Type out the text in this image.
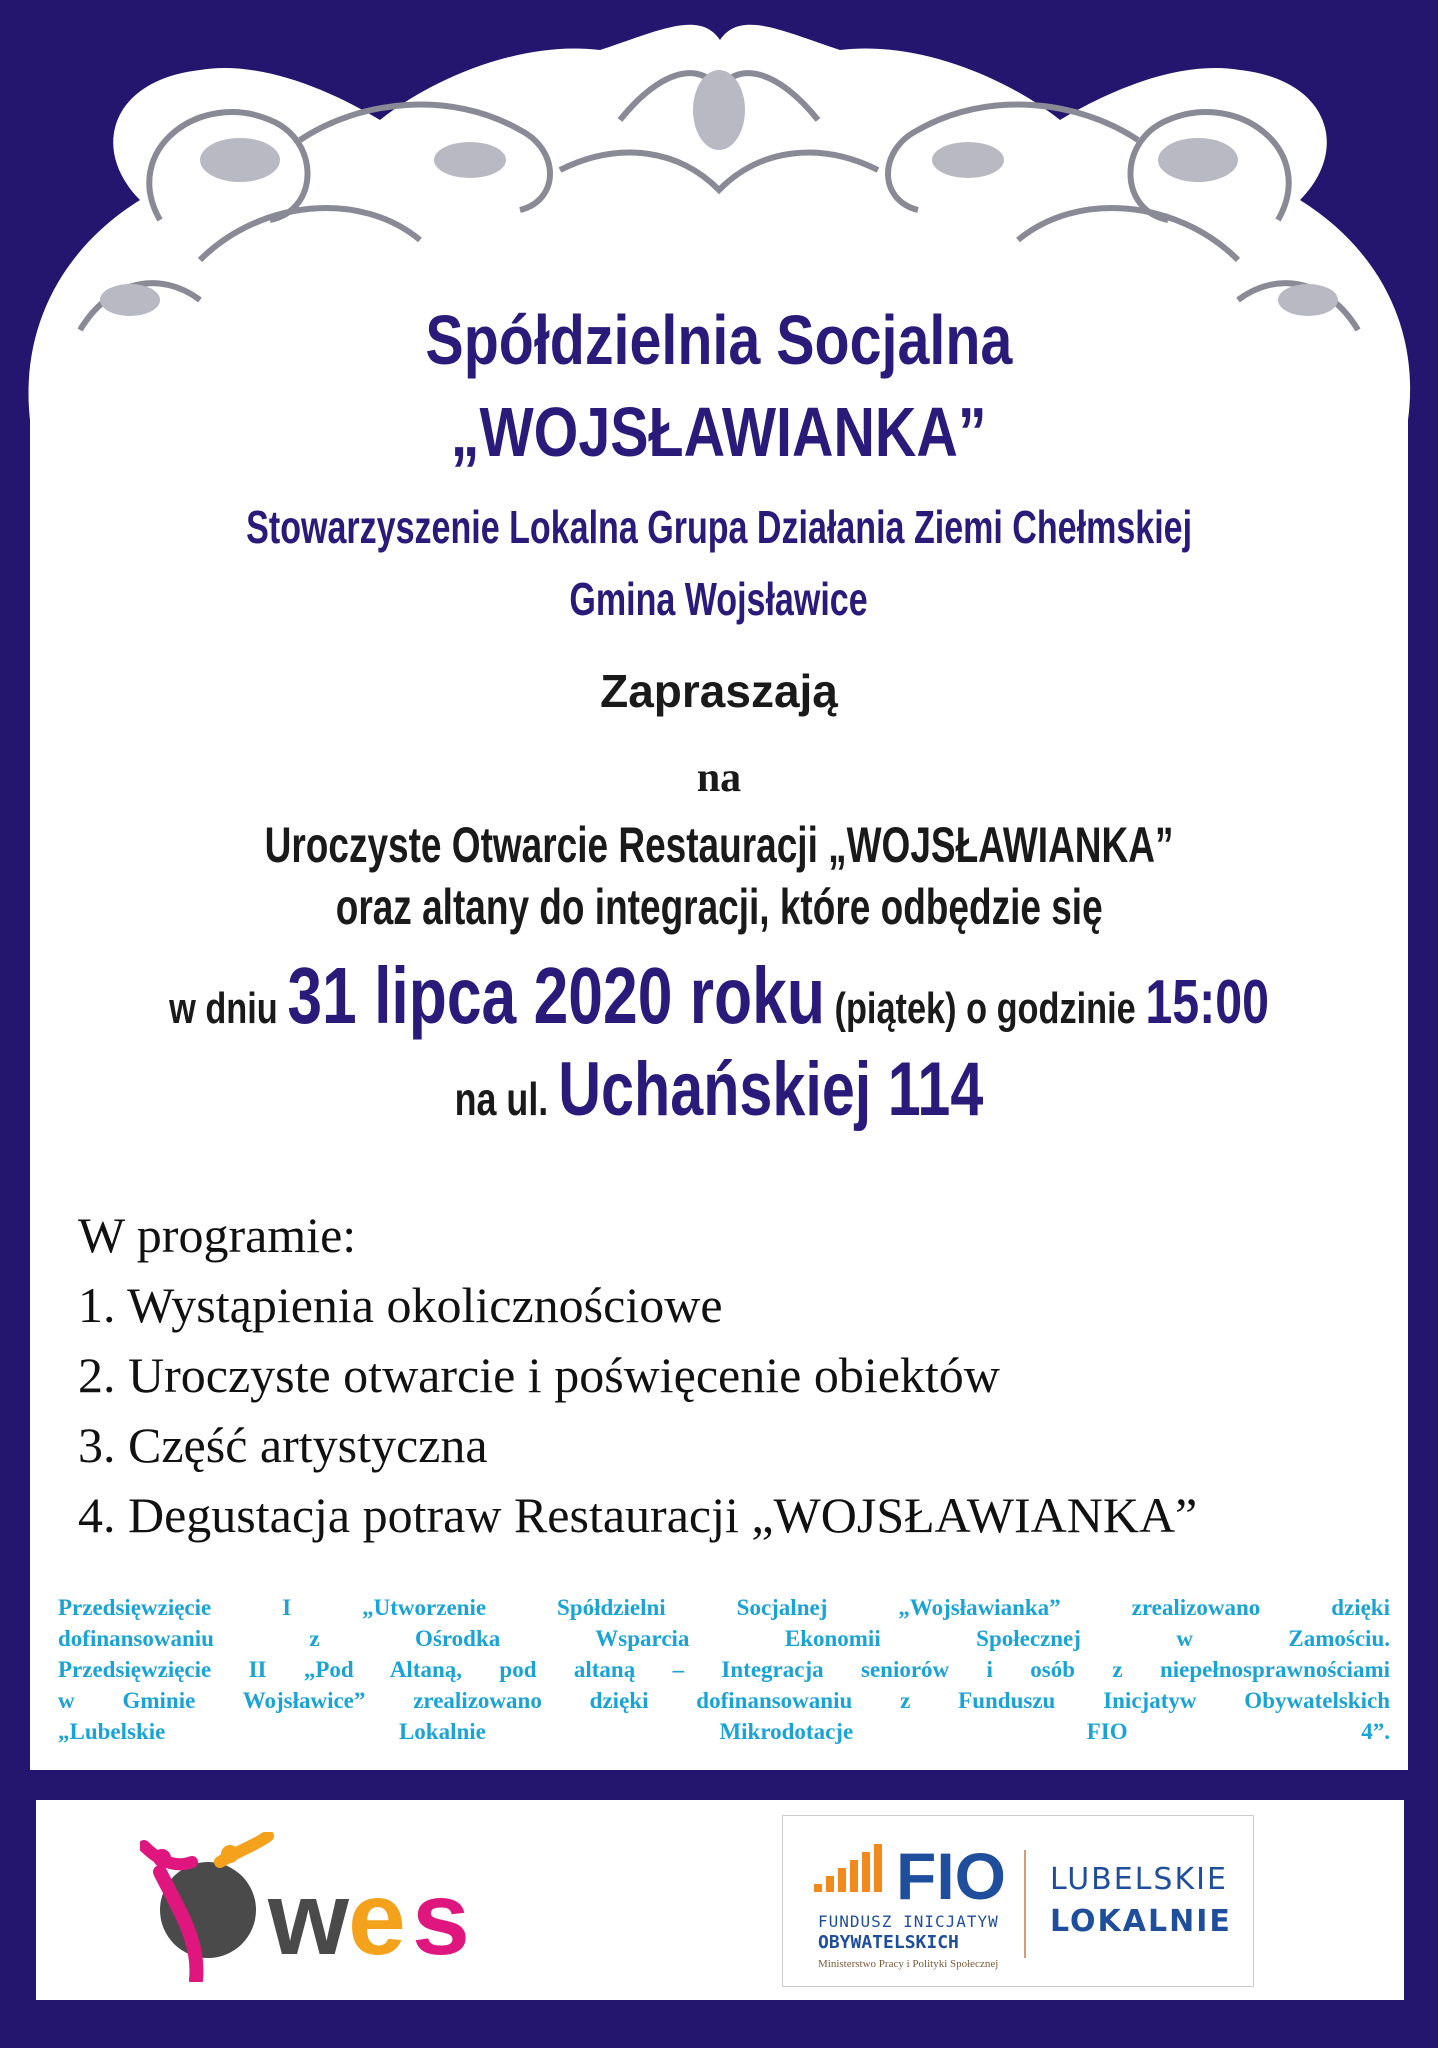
Spółdzielnia Socjalna
„WOJSŁAWIANKA”
Stowarzyszenie Lokalna Grupa Działania Ziemi Chełmskiej
Gmina Wojsławice
Zapraszają
na
Uroczyste Otwarcie Restauracji „WOJSŁAWIANKA”
oraz altany do integracji, które odbędzie się
w dniu 31 lipca 2020 roku (piątek) o godzinie 15:00
na ul. Uchańskiej 114
W programie:
1. Wystąpienia okolicznościowe
2. Uroczyste otwarcie i poświęcenie obiektów
3. Część artystyczna
4. Degustacja potraw Restauracji „WOJSŁAWIANKA”
Przedsięwzięcie I „Utworzenie Spółdzielni Socjalnej „Wojsławianka” zrealizowano dzięki
dofinansowaniu z Ośrodka Wsparcia Ekonomii Społecznej w Zamościu.
Przedsięwzięcie II „Pod Altaną, pod altaną – Integracja seniorów i osób z niepełnosprawnościami
w Gminie Wojsławice” zrealizowano dzięki dofinansowaniu z Funduszu Inicjatyw Obywatelskich
„Lubelskie Lokalnie Mikrodotacje FIO 4”.
w e s	FIO
FUNDUSZ INICJATYW
OBYWATELSKICH
Ministerstwo Pracy i Polityki Społecznej
LUBELSKIE
LOKALNIE
